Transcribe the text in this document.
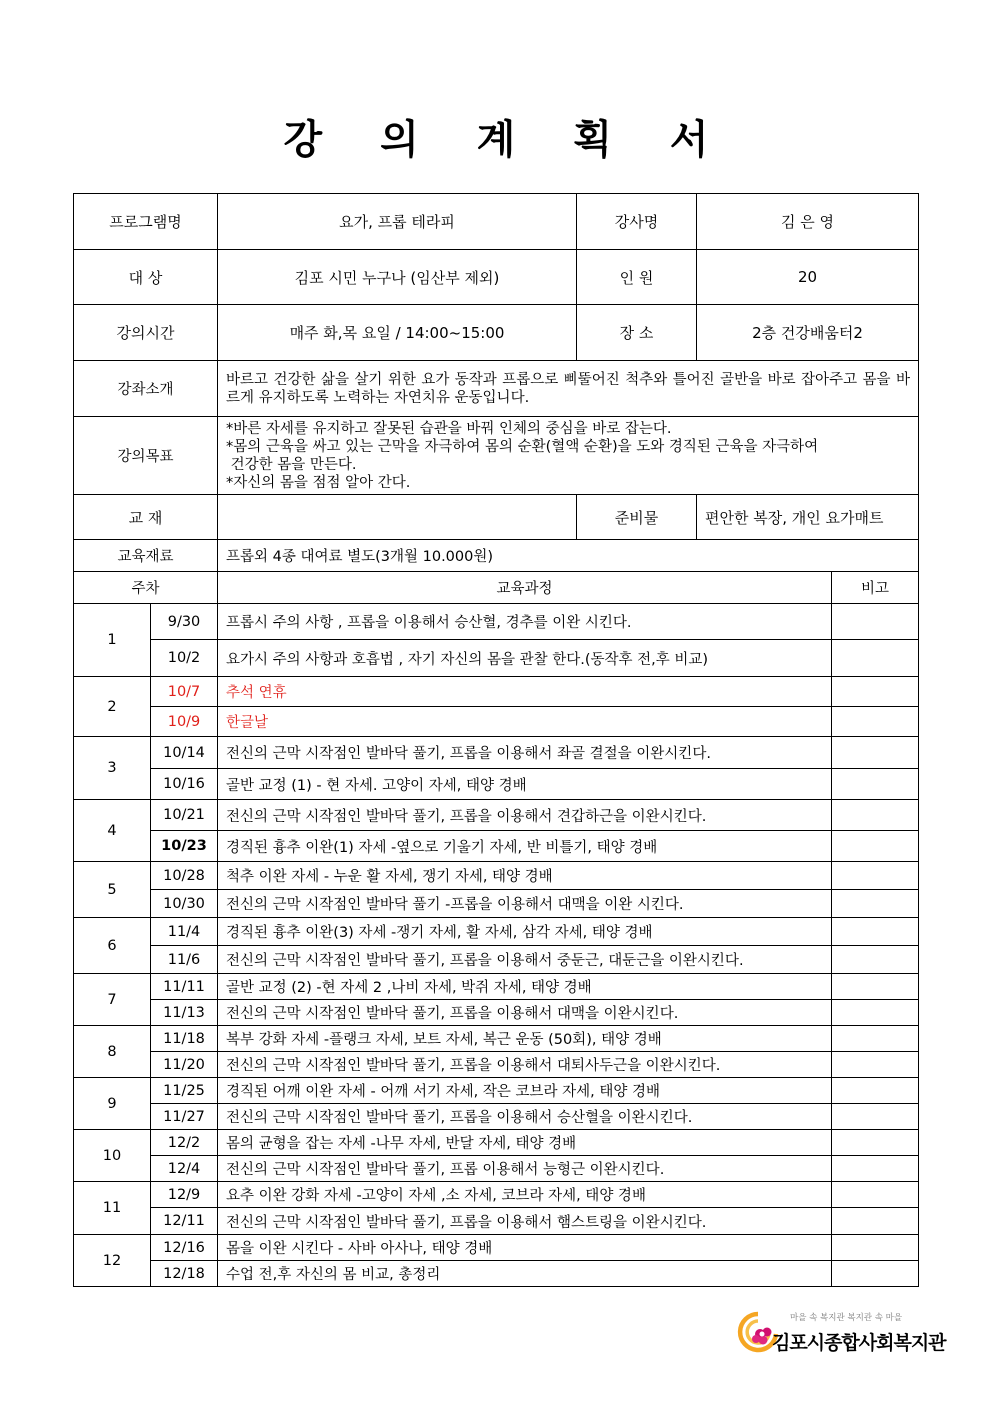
강 의 계 획 서
프로그램명	요가, 프롭 테라피	강사명	김 은 영
대 상	김포 시민 누구나 (임산부 제외)	인 원	20
강의시간	매주 화,목 요일 / 14:00~15:00	장 소	2층 건강배움터2
강좌소개	바르고 건강한 삶을 살기 위한 요가 동작과 프롭으로 삐뚤어진 척추와 틀어진 골반을 바로 잡아주고 몸을 바르게 유지하도록 노력하는 자연치유 운동입니다.		
강의목표	*바른 자세를 유지하고 잘못된 습관을 바꿔 인체의 중심을 바로 잡는다.
*몸의 근육을 싸고 있는 근막을 자극하여 몸의 순환(혈액 순환)을 도와 경직된 근육을 자극하여
건강한 몸을 만든다.
*자신의 몸을 점점 알아 간다.		

교 재		준비물	편안한 복장, 개인 요가매트
교육재료	프롭외 4종 대여료 별도(3개월 10.000원)		
주차		교육과정	비고
1	9/30	프롭시 주의 사항 , 프롭을 이용해서 승산혈, 경추를 이완 시킨다.	
	10/2	요가시 주의 사항과 호흡법 , 자기 자신의 몸을 관찰 한다.(동작후 전,후 비교)	
2	10/7	추석 연휴	
	10/9	한글날	
3	10/14	전신의 근막 시작점인 발바닥 풀기, 프롭을 이용해서 좌골 결절을 이완시킨다.	
	10/16	골반 교정 (1) - 현 자세. 고양이 자세, 태양 경배	
4	10/21	전신의 근막 시작점인 발바닥 풀기, 프롭을 이용해서 견갑하근을 이완시킨다.	
	10/23	경직된 흉추 이완(1) 자세 -옆으로 기울기 자세, 반 비틀기, 태양 경배	
5	10/28	척추 이완 자세 - 누운 활 자세, 쟁기 자세, 태양 경배	
	10/30	전신의 근막 시작점인 발바닥 풀기 -프롭을 이용해서 대맥을 이완 시킨다.	
6	11/4	경직된 흉추 이완(3) 자세 -쟁기 자세, 활 자세, 삼각 자세, 태양 경배	
	11/6	전신의 근막 시작점인 발바닥 풀기, 프롭을 이용해서 중둔근, 대둔근을 이완시킨다.	
7	11/11	골반 교정 (2) -현 자세 2 ,나비 자세, 박쥐 자세, 태양 경배	
	11/13	전신의 근막 시작점인 발바닥 풀기, 프롭을 이용해서 대맥을 이완시킨다.	
8	11/18	복부 강화 자세 -플랭크 자세, 보트 자세, 복근 운동 (50회), 태양 경배	
	11/20	전신의 근막 시작점인 발바닥 풀기, 프롭을 이용해서 대퇴사두근을 이완시킨다.	
9	11/25	경직된 어깨 이완 자세 - 어깨 서기 자세, 작은 코브라 자세, 태양 경배	
	11/27	전신의 근막 시작점인 발바닥 풀기, 프롭을 이용해서 승산혈을 이완시킨다.	
10	12/2	몸의 균형을 잡는 자세 -나무 자세, 반달 자세, 태양 경배	
	12/4	전신의 근막 시작점인 발바닥 풀기, 프롭 이용해서 능형근 이완시킨다.	
11	12/9	요추 이완 강화 자세 -고양이 자세 ,소 자세, 코브라 자세, 태양 경배	
	12/11	전신의 근막 시작점인 발바닥 풀기, 프롭을 이용해서 햄스트링을 이완시킨다.	
12	12/16	몸을 이완 시킨다 - 사바 아사나, 태양 경배	
	12/18	수업 전,후 자신의 몸 비교, 총정리	
마을 속 복지관 복지관 속 마을
김포시종합사회복지관
